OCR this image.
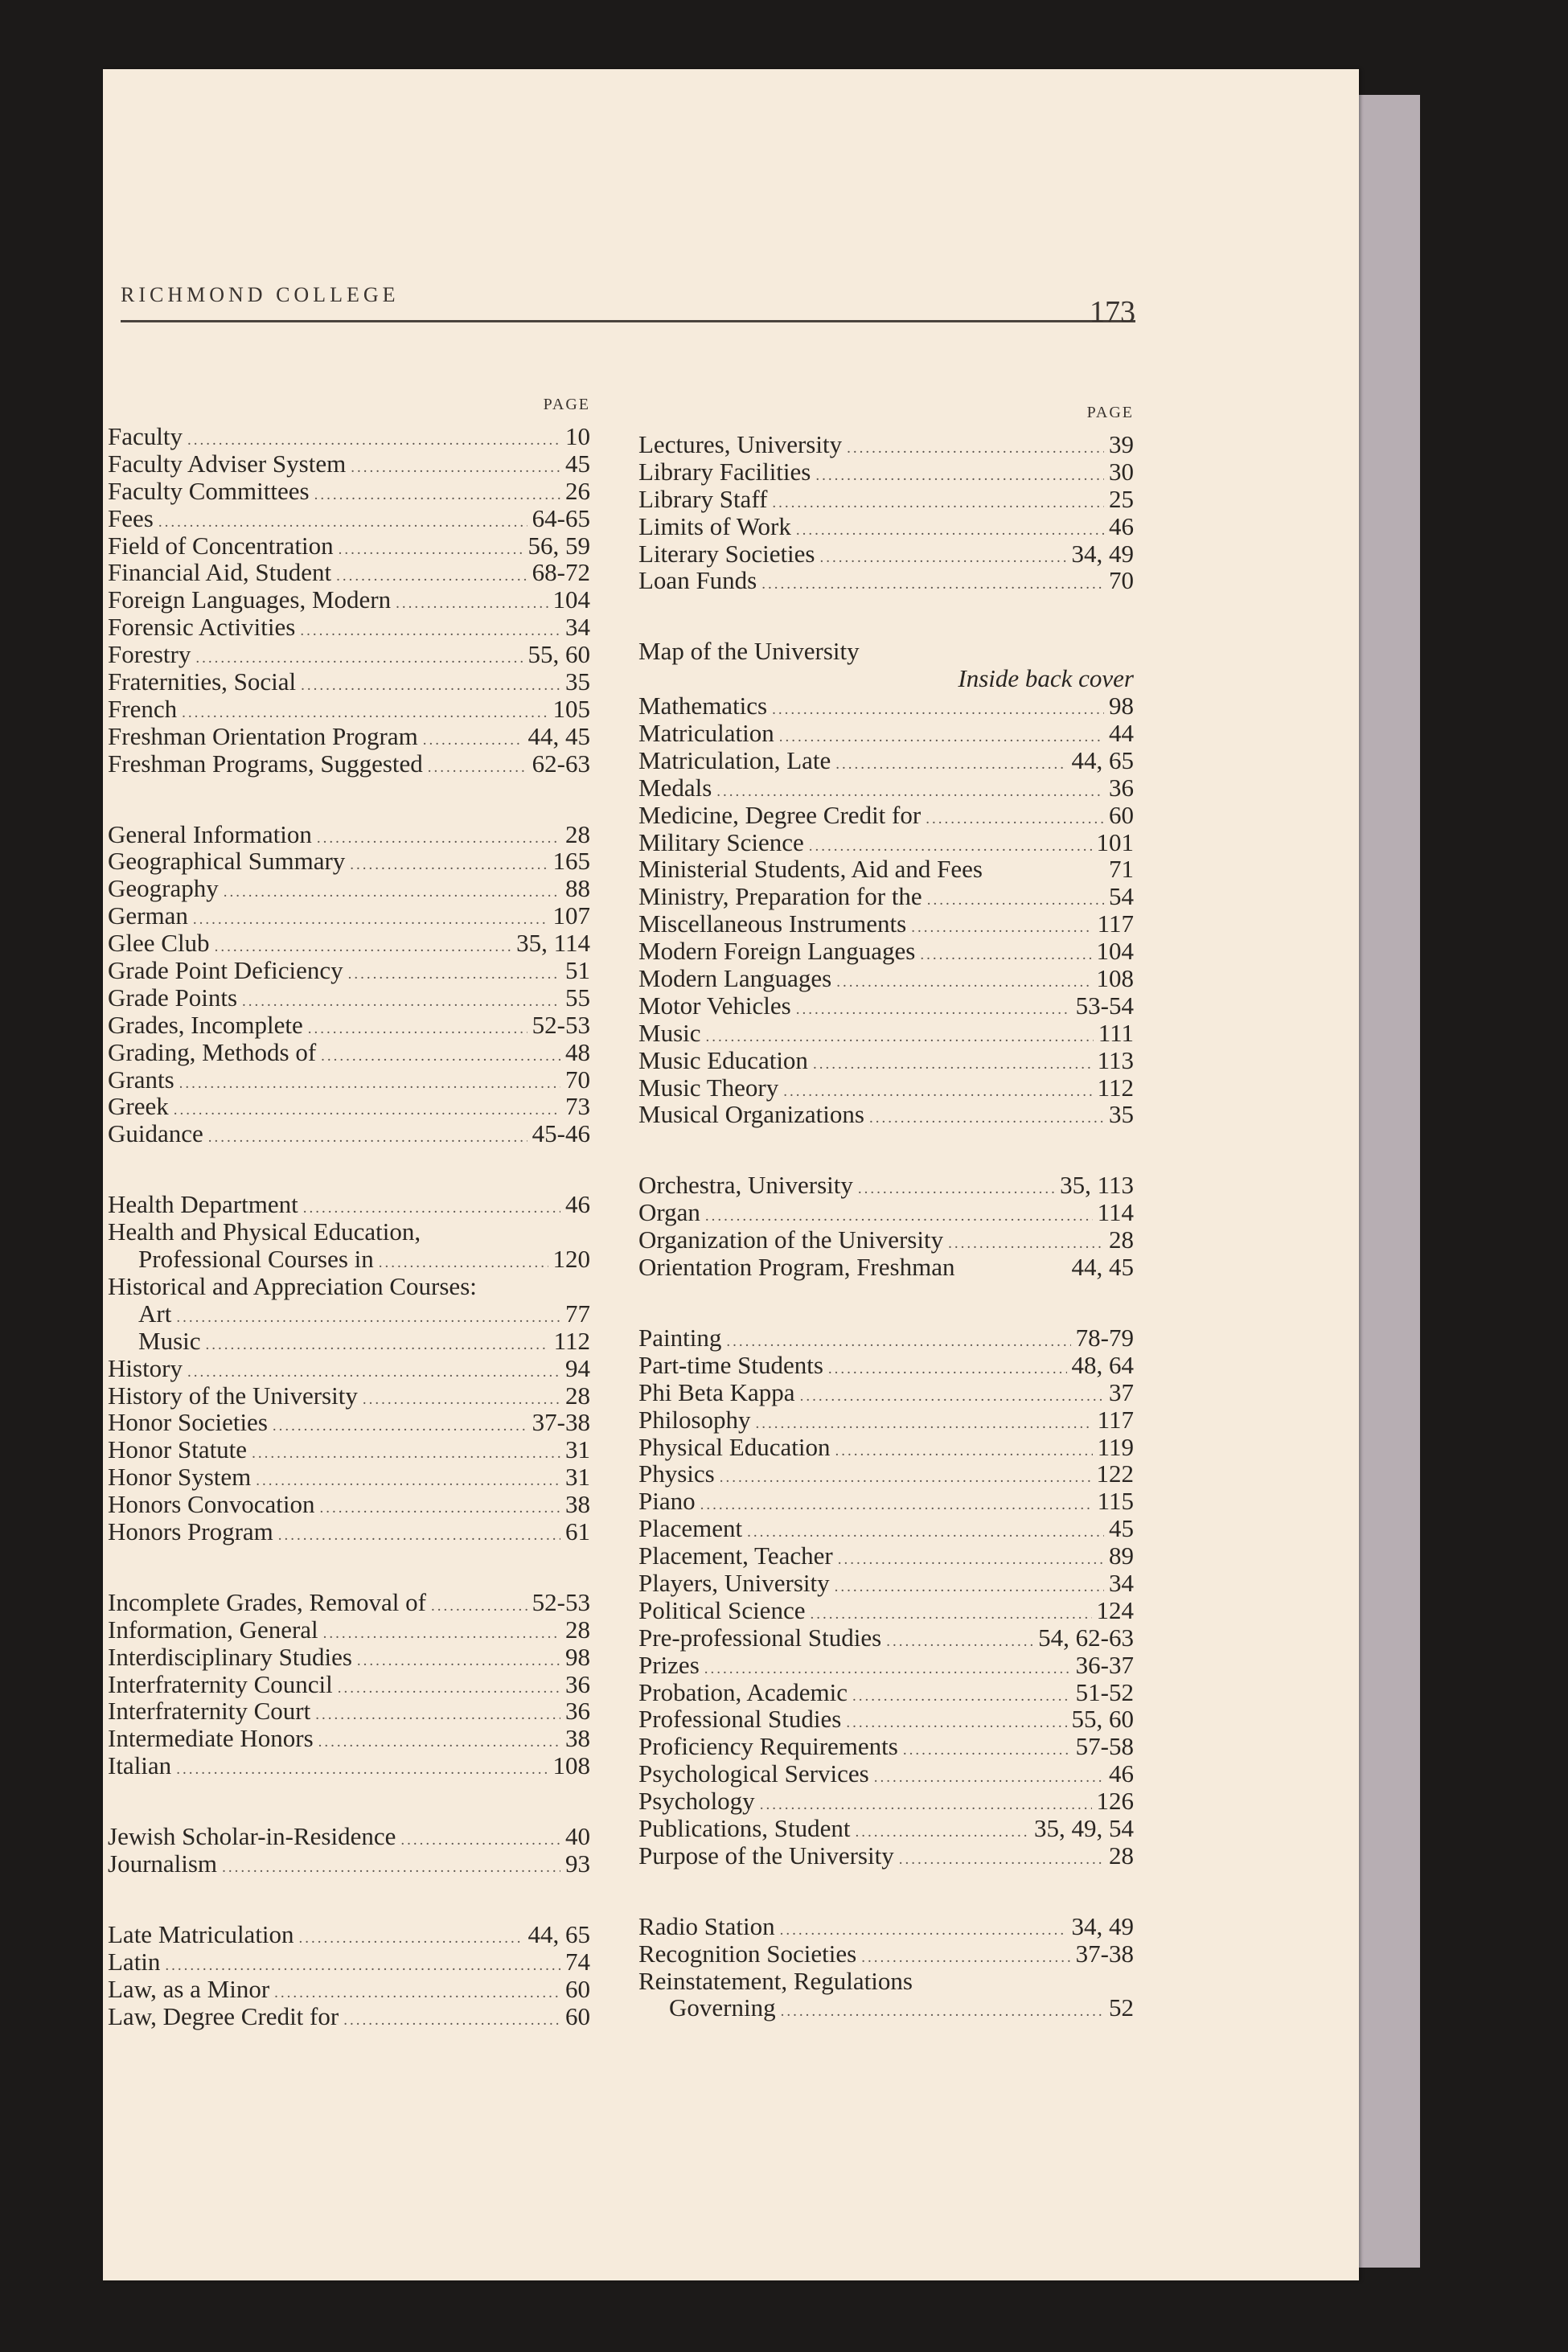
RICHMOND COLLEGE
173
PAGE
Faculty .....	10
Faculty Adviser System .....	45
Faculty Committees .....	26
Fees .....	64-65
Field of Concentration .....	56, 59
Financial Aid, Student .....	68-72
Foreign Languages, Modern .....	104
Forensic Activities .....	34
Forestry .....	55, 60
Fraternities, Social .....	35
French .....	105
Freshman Orientation Program .....	44, 45
Freshman Programs, Suggested .....	62-63
General Information .....	28
Geographical Summary .....	165
Geography .....	88
German .....	107
Glee Club .....	35, 114
Grade Point Deficiency .....	51
Grade Points .....	55
Grades, Incomplete .....	52-53
Grading, Methods of .....	48
Grants .....	70
Greek .....	73
Guidance .....	45-46
Health Department .....	46
Health and Physical Education,
Professional Courses in .....	120
Historical and Appreciation Courses:
Art .....	77
Music .....	112
History .....	94
History of the University .....	28
Honor Societies .....	37-38
Honor Statute .....	31
Honor System .....	31
Honors Convocation .....	38
Honors Program .....	61
Incomplete Grades, Removal of .....	52-53
Information, General .....	28
Interdisciplinary Studies .....	98
Interfraternity Council .....	36
Interfraternity Court .....	36
Intermediate Honors .....	38
Italian .....	108
Jewish Scholar-in-Residence .....	40
Journalism .....	93
Late Matriculation .....	44, 65
Latin .....	74
Law, as a Minor .....	60
Law, Degree Credit for .....	60
PAGE
Lectures, University .....	39
Library Facilities .....	30
Library Staff .....	25
Limits of Work .....	46
Literary Societies .....	34, 49
Loan Funds .....	70
Map of the University
Inside back cover
Mathematics .....	98
Matriculation .....	44
Matriculation, Late .....	44, 65
Medals .....	36
Medicine, Degree Credit for .....	60
Military Science .....	101
Ministerial Students, Aid and Fees	71
Ministry, Preparation for the .....	54
Miscellaneous Instruments .....	117
Modern Foreign Languages .....	104
Modern Languages .....	108
Motor Vehicles .....	53-54
Music .....	111
Music Education .....	113
Music Theory .....	112
Musical Organizations .....	35
Orchestra, University .....	35, 113
Organ .....	114
Organization of the University .....	28
Orientation Program, Freshman	44, 45
Painting .....	78-79
Part-time Students .....	48, 64
Phi Beta Kappa .....	37
Philosophy .....	117
Physical Education .....	119
Physics .....	122
Piano .....	115
Placement .....	45
Placement, Teacher .....	89
Players, University .....	34
Political Science .....	124
Pre-professional Studies .....	54, 62-63
Prizes .....	36-37
Probation, Academic .....	51-52
Professional Studies .....	55, 60
Proficiency Requirements .....	57-58
Psychological Services .....	46
Psychology .....	126
Publications, Student .....	35, 49, 54
Purpose of the University .....	28
Radio Station .....	34, 49
Recognition Societies .....	37-38
Reinstatement, Regulations
Governing .....	52
